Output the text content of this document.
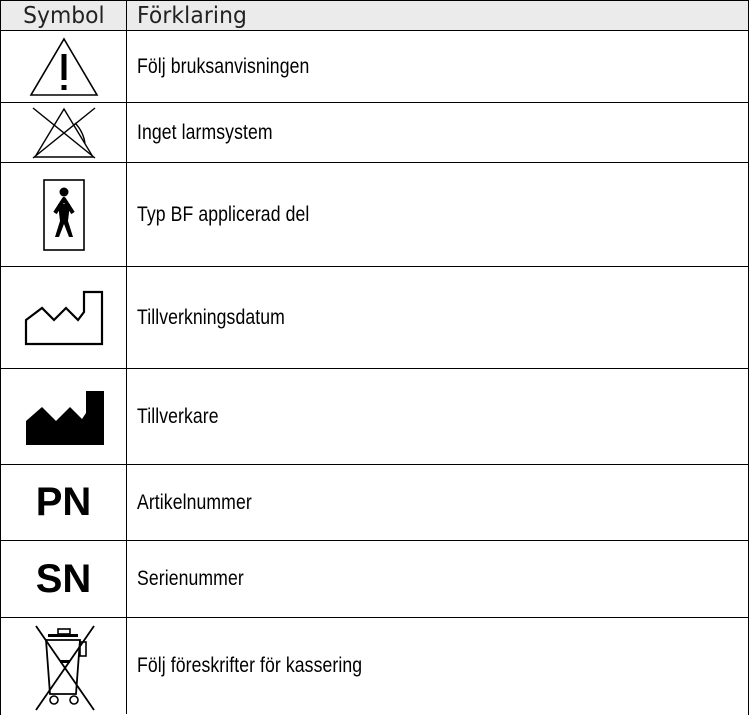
Symbol Förklaring
Följ bruksanvisningen
Inget larmsystem
Typ BF applicerad del
Tillverkningsdatum
Tillverkare
PN Artikelnummer
SN Serienummer
Följ föreskrifter för kassering
